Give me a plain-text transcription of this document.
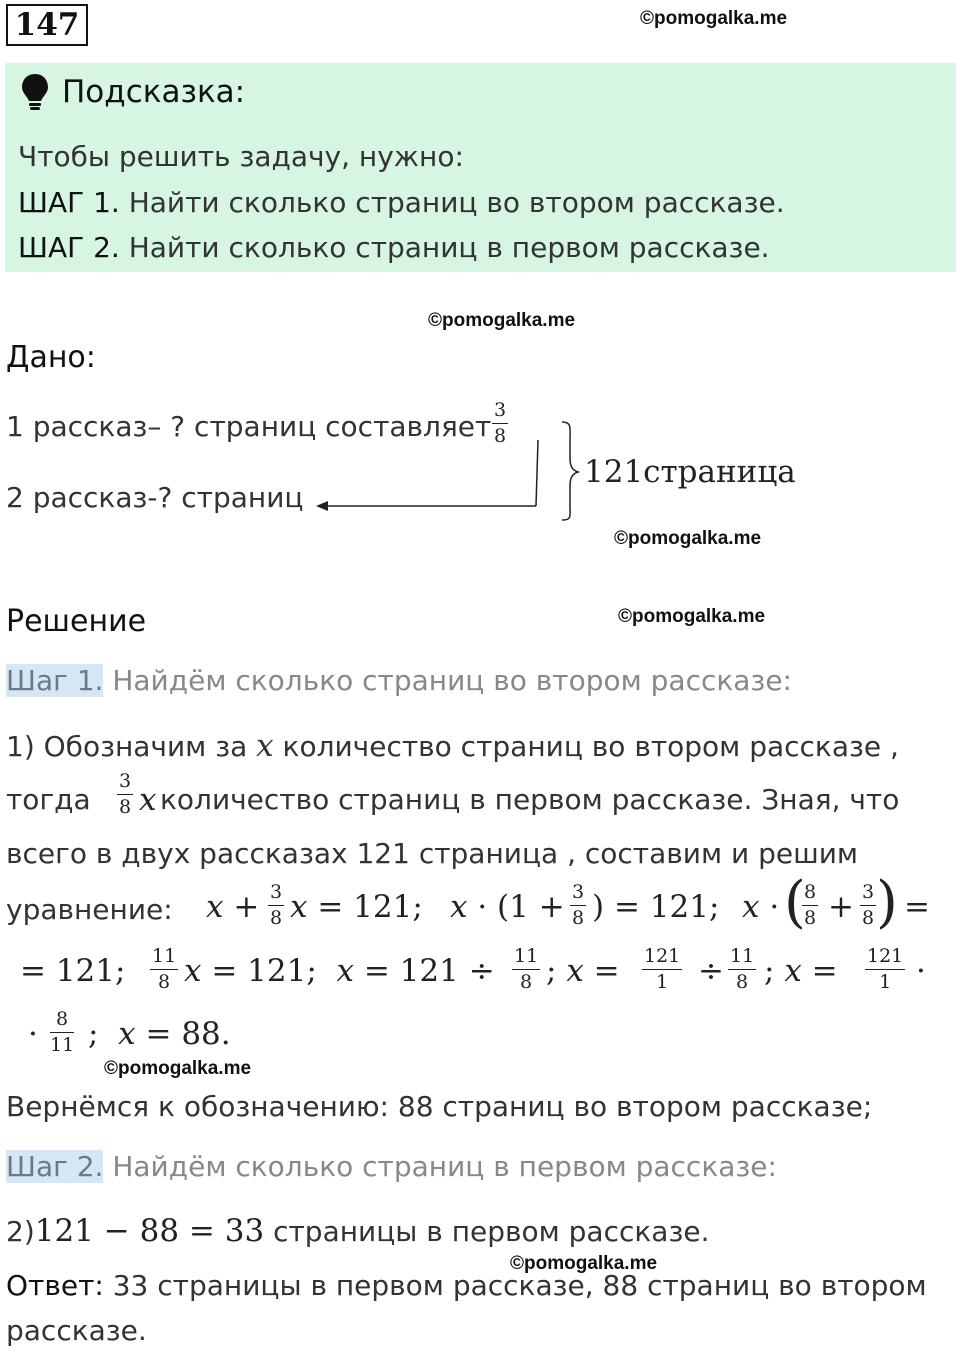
147	©pomogalka.me
Подсказка:
Чтобы решить задачу, нужно:
ШАГ 1. Найти сколько страниц во втором рассказе.
ШАГ 2. Найти сколько страниц в первом рассказе.
©pomogalka.me
Дано:
1 рассказ– ? страниц составляет $\frac{3}{8}$
2 рассказ-? страниц
121страница
©pomogalka.me
Решение	©pomogalka.me
Шаг 1. Найдём сколько страниц во втором рассказе:
1) Обозначим за x количество страниц во втором рассказе ,
тогда $\frac{3}{8}$ x количество страниц в первом рассказе. Зная, что
всего в двух рассказах 121 страница , составим и решим
уравнение: $x + \frac{3}{8}$ x = 121; $x \cdot (1 + \frac{3}{8}$ ) = 121; x · (
$\frac{8}{8} + \frac{3}{8}$ ) =
= 121; $\frac{11}{8}$ x = 121;  $x = 121 \div \frac{11}{8}$ ; $x = \frac{121}{1} \div \frac{11}{8}$ ; $x = \frac{121}{1}$ ·
· $\frac{8}{11}$ ;  x = 88.
©pomogalka.me
Вернёмся к обозначению: 88 страниц во втором рассказе;
Шаг 2. Найдём сколько страниц в первом рассказе:
2)121 − 88 = 33 страницы в первом рассказе.
©pomogalka.me
Ответ: 33 страницы в первом рассказе, 88 страниц во втором
рассказе.
